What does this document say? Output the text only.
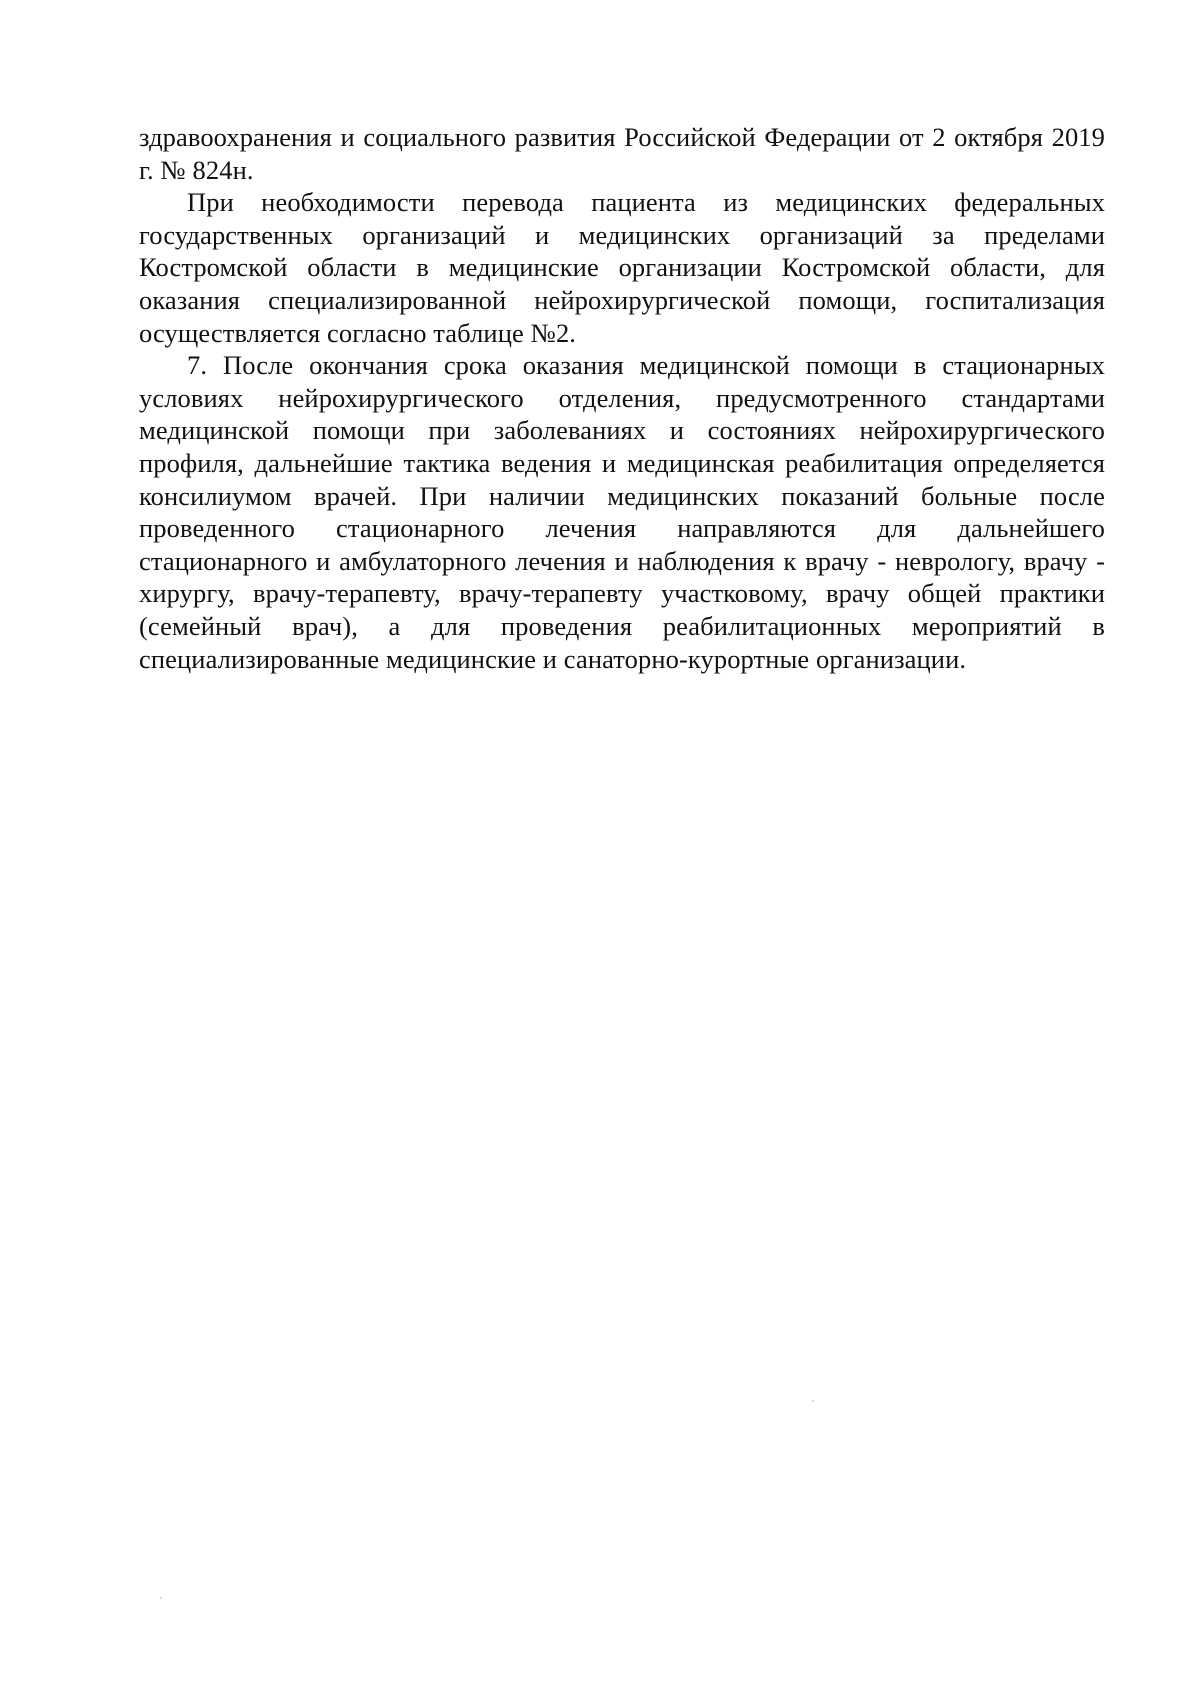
здравоохранения и социального развития Российской Федерации от 2 октября 2019 г. № 824н.

При необходимости перевода пациента из медицинских федеральных государственных организаций и медицинских организаций за пределами Костромской области в медицинские организации Костромской области, для оказания специализированной нейрохирургической помощи, госпитализация осуществляется согласно таблице №2.

7. После окончания срока оказания медицинской помощи в стационарных условиях нейрохирургического отделения, предусмотренного стандартами медицинской помощи при заболеваниях и состояниях нейрохирургического профиля, дальнейшие тактика ведения и медицинская реабилитация определяется консилиумом врачей. При наличии медицинских показаний больные после проведенного стационарного лечения направляются для дальнейшего стационарного и амбулаторного лечения и наблюдения к врачу - неврологу, врачу - хирургу, врачу-терапевту, врачу-терапевту участковому, врачу общей практики (семейный врач), а для проведения реабилитационных мероприятий в специализированные медицинские и санаторно-курортные организации.
